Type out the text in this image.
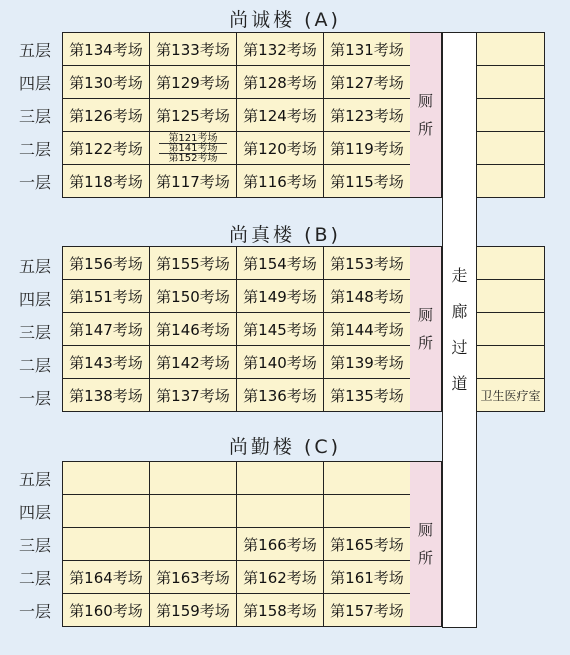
尚诚楼 (A)
五层
四层
三层
二层
一层
第134考场 第133考场 第132考场 第131考场
第130考场 第129考场 第128考场 第127考场
第126考场 第125考场 第124考场 第123考场
第122考场
第121考场
第141考场
第152考场
第120考场 第119考场
第118考场 第117考场 第116考场 第115考场
厕
所
尚真楼 (B)
五层
四层
三层
二层
一层
第156考场 第155考场 第154考场 第153考场
第151考场 第150考场 第149考场 第148考场
第147考场 第146考场 第145考场 第144考场
第143考场 第142考场 第140考场 第139考场
第138考场 第137考场 第136考场 第135考场
厕
所
尚勤楼 (C)
五层
四层
三层
二层
一层
第166考场 第165考场
第164考场 第163考场 第162考场 第161考场
第160考场 第159考场 第158考场 第157考场
厕
所
走
廊
过
道
卫生医疗室
